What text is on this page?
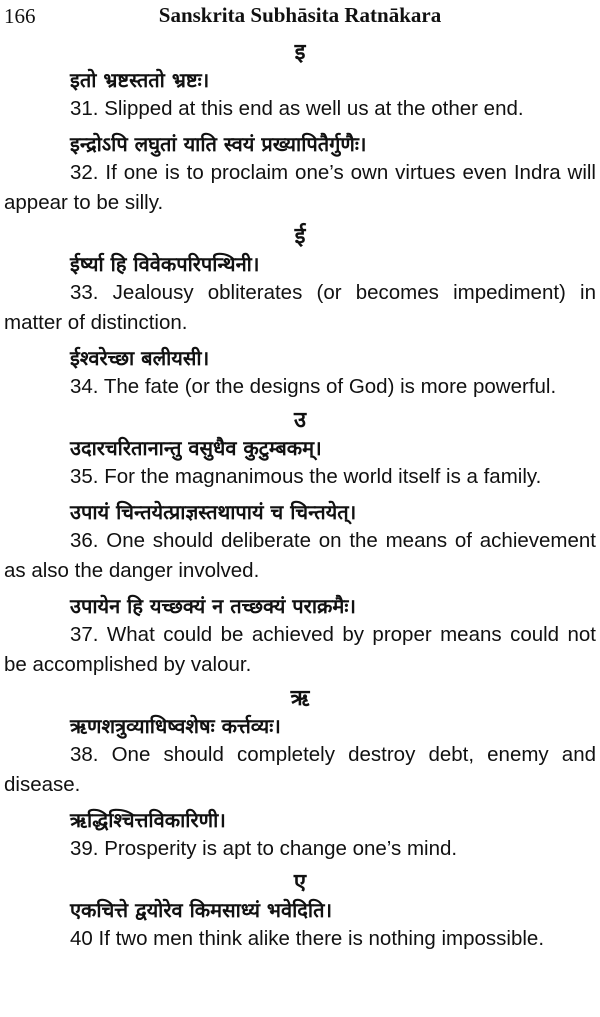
166	Sanskrita Subhāsita Ratnākara
इ
इतो भ्रष्टस्ततो भ्रष्टः।
31. Slipped at this end as well us at the other end.
इन्द्रोऽपि लघुतां याति स्वयं प्रख्यापितैर्गुणैः।
32. If one is to proclaim one’s own virtues even Indra will appear to be silly.
ई
ईर्ष्या हि विवेकपरिपन्थिनी।
33. Jealousy obliterates (or becomes impediment) in matter of distinction.
ईश्वरेच्छा बलीयसी।
34. The fate (or the designs of God) is more powerful.
उ
उदारचरितानान्तु वसुधैव कुटुम्बकम्।
35. For the magnanimous the world itself is a family.
उपायं चिन्तयेत्प्राज्ञस्तथापायं च चिन्तयेत्।
36. One should deliberate on the means of achievement as also the danger involved.
उपायेन हि यच्छक्यं न तच्छक्यं पराक्रमैः।
37. What could be achieved by proper means could not be accomplished by valour.
ऋ
ऋणशत्रुव्याधिष्वशेषः कर्त्तव्यः।
38. One should completely destroy debt, enemy and disease.
ऋद्धिश्चित्तविकारिणी।
39. Prosperity is apt to change one’s mind.
ए
एकचित्ते द्वयोरेव किमसाध्यं भवेदिति।
40 If two men think alike there is nothing impossible.
